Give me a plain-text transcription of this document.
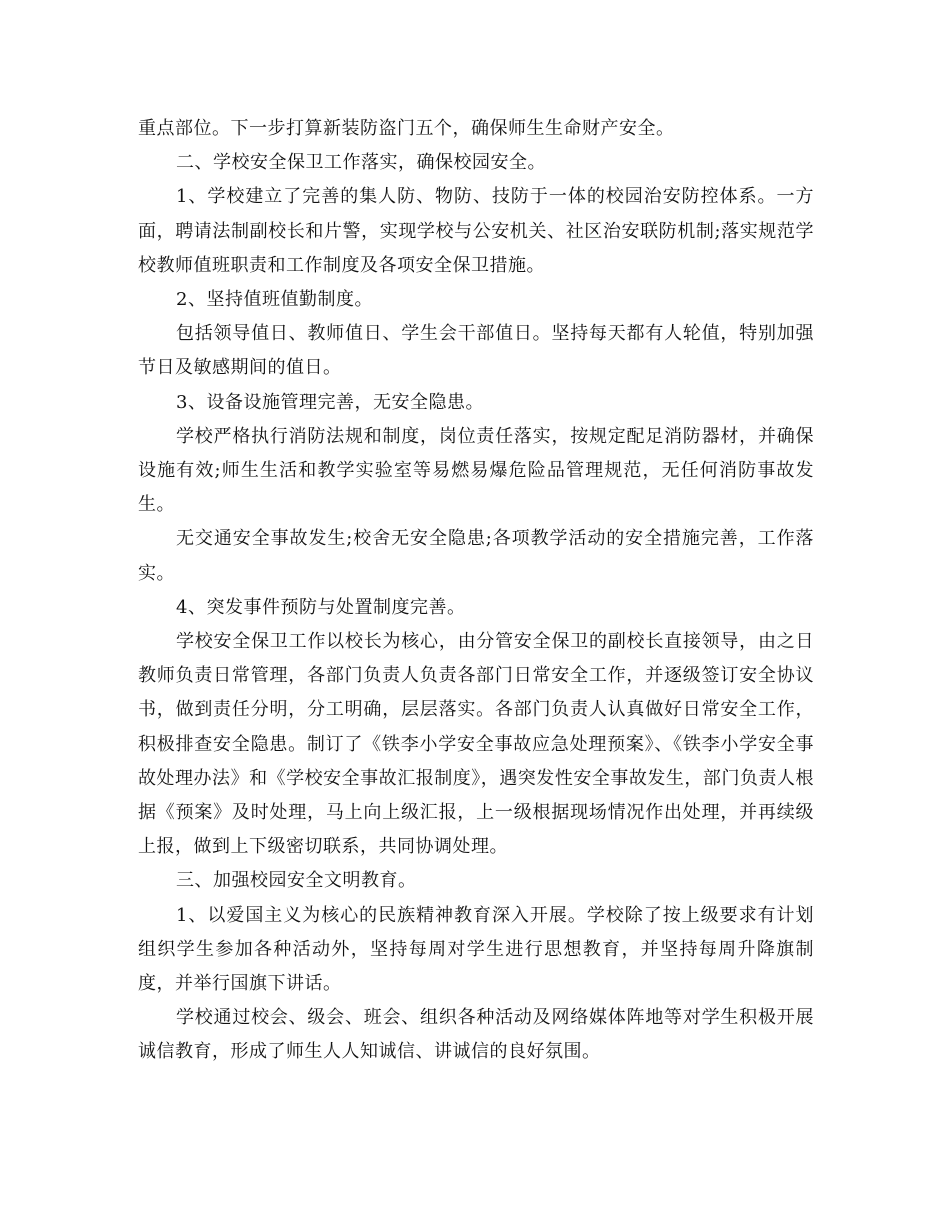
重点部位。下一步打算新装防盗门五个，确保师生生命财产安全。

二、学校安全保卫工作落实，确保校园安全。

1、学校建立了完善的集人防、物防、技防于一体的校园治安防控体系。一方面，聘请法制副校长和片警，实现学校与公安机关、社区治安联防机制;落实规范学校教师值班职责和工作制度及各项安全保卫措施。

2、坚持值班值勤制度。

包括领导值日、教师值日、学生会干部值日。坚持每天都有人轮值，特别加强节日及敏感期间的值日。

3、设备设施管理完善，无安全隐患。

学校严格执行消防法规和制度，岗位责任落实，按规定配足消防器材，并确保设施有效;师生生活和教学实验室等易燃易爆危险品管理规范，无任何消防事故发生。

无交通安全事故发生;校舍无安全隐患;各项教学活动的安全措施完善，工作落实。

4、突发事件预防与处置制度完善。

学校安全保卫工作以校长为核心，由分管安全保卫的副校长直接领导，由之日教师负责日常管理，各部门负责人负责各部门日常安全工作，并逐级签订安全协议书，做到责任分明，分工明确，层层落实。各部门负责人认真做好日常安全工作，积极排查安全隐患。制订了《铁李小学安全事故应急处理预案》、《铁李小学安全事故处理办法》和《学校安全事故汇报制度》，遇突发性安全事故发生，部门负责人根据《预案》及时处理，马上向上级汇报，上一级根据现场情况作出处理，并再续级上报，做到上下级密切联系，共同协调处理。

三、加强校园安全文明教育。

1、以爱国主义为核心的民族精神教育深入开展。学校除了按上级要求有计划组织学生参加各种活动外，坚持每周对学生进行思想教育，并坚持每周升降旗制度，并举行国旗下讲话。

学校通过校会、级会、班会、组织各种活动及网络媒体阵地等对学生积极开展诚信教育，形成了师生人人知诚信、讲诚信的良好氛围。
